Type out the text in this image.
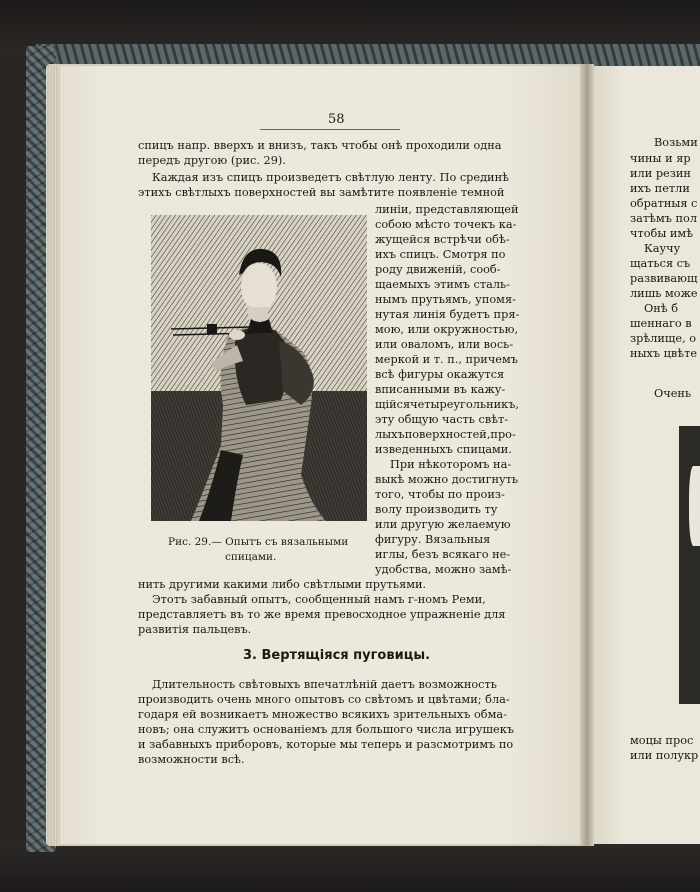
58
спицъ напр. вверхъ и внизъ, такъ чтобы онѣ проходили одна
передъ другою (рис. 29).
Каждая изъ спицъ произведетъ свѣтлую ленту. По срединѣ
этихъ свѣтлыхъ поверхностей вы замѣтите появленіе темной
Рис. 29.— Опытъ съ вязальными
спицами.
линіи, представляющей
собою мѣсто точекъ ка-
жущейся встрѣчи обѣ-
ихъ спицъ. Смотря по
роду движеній, сооб-
щаемыхъ этимъ сталь-
нымъ прутьямъ, упомя-
нутая линія будетъ пря-
мою, или окружностью,
или оваломъ, или вось-
меркой и т. п., причемъ
всѣ фигуры окажутся
вписанными въ кажу-
щійсячетыреугольникъ,
эту общую часть свѣт-
лыхъповерхностей,про-
изведенныхъ спицами.
При нѣкоторомъ на-
выкѣ можно достигнуть
того, чтобы по произ-
волу производить ту
или другую желаемую
фигуру. Вязальныя
иглы, безъ всякаго не-
удобства, можно замѣ-
нить другими какими либо свѣтлыми прутьями.
Этотъ забавный опытъ, сообщенный намъ г-номъ Реми,
представляетъ въ то же время превосходное упражненіе для
развитія пальцевъ.
3. Вертящіяся пуговицы.
Длительность свѣтовыхъ впечатлѣній даетъ возможность
производить очень много опытовъ со свѣтомъ и цвѣтами; бла-
годаря ей возникаетъ множество всякихъ зрительныхъ обма-
новъ; она служитъ основаніемъ для большого числа игрушекъ
и забавныхъ приборовъ, которые мы теперь и разсмотримъ по
возможности всѣ.
Возьми
чины и яр
или резин
ихъ петли
обратныя с
затѣмъ пол
чтобы имѣ
Каучу
щаться съ
развивающ
лишь може
Онѣ б
шеннаго в
зрѣлище, о
ныхъ цвѣте
Очень
моцы прос
или полукр
